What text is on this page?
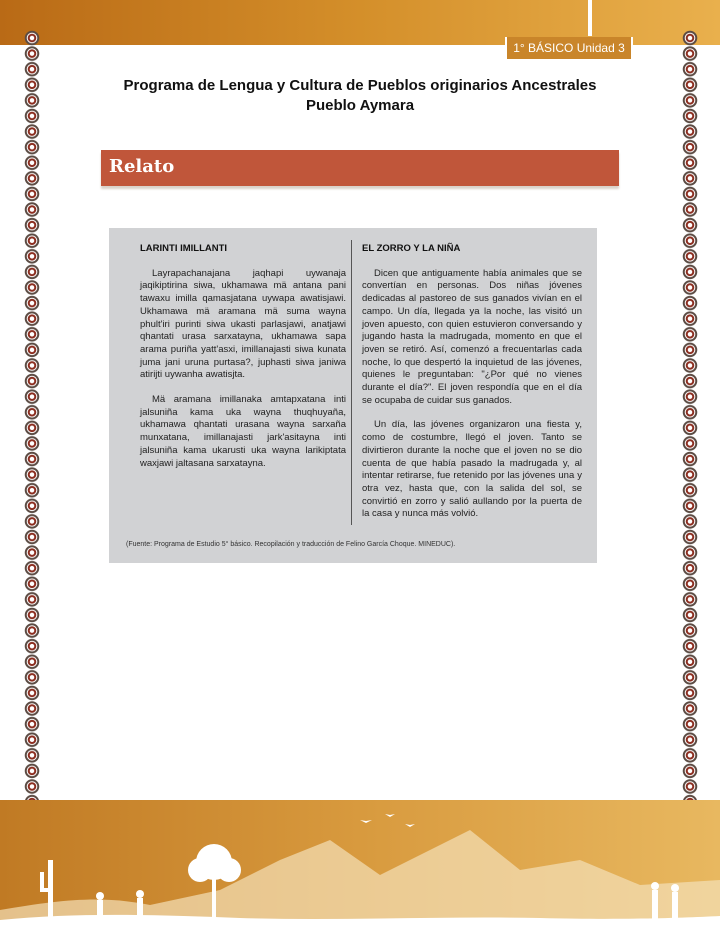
1° BÁSICO Unidad 3
Programa de Lengua y Cultura de Pueblos originarios Ancestrales
Pueblo Aymara
Relato
LARINTI IMILLANTI

Layrapachanajana jaqhapi uywanaja jaqikiptirina siwa, ukhamawa mä antana pani tawaxu imilla qamasjatana uywapa awatisjawi. Ukhamawa mä aramana mä suma wayna phult'iri purinti siwa ukasti parlasjawi, anatjawi qhantati urasa sarxatayna, ukhamawa sapa arama puriña yatt'asxi, imillanajasti siwa kunata juma jani uruna purtasa?, juphasti siwa janiwa atirijti uywanha awatisjta.

Mä aramana imillanaka amtapxatana inti jalsuniña kama uka wayna thuqhuyaña, ukhamawa qhantati urasana wayna sarxaña munxatana, imillanajasti jark'asitayna inti jalsuniña kama ukarusti uka wayna larikiptata waxjawi jaltasana sarxatayna.

EL ZORRO Y LA NIÑA

Dicen que antiguamente había animales que se convertían en personas. Dos niñas jóvenes dedicadas al pastoreo de sus ganados vivían en el campo. Un día, llegada ya la noche, las visitó un joven apuesto, con quien estuvieron conversando y jugando hasta la madrugada, momento en que el joven se retiró. Así, comenzó a frecuentarlas cada noche, lo que despertó la inquietud de las jóvenes, quienes le preguntaban: "¿Por qué no vienes durante el día?". El joven respondía que en el día se ocupaba de cuidar sus ganados.

Un día, las jóvenes organizaron una fiesta y, como de costumbre, llegó el joven. Tanto se divirtieron durante la noche que el joven no se dio cuenta de que había pasado la madrugada y, al intentar retirarse, fue retenido por las jóvenes una y otra vez, hasta que, con la salida del sol, se convirtió en zorro y salió aullando por la puerta de la casa y nunca más volvió.

(Fuente: Programa de Estudio 5° básico. Recopilación y traducción de Felino García Choque. MINEDUC).
